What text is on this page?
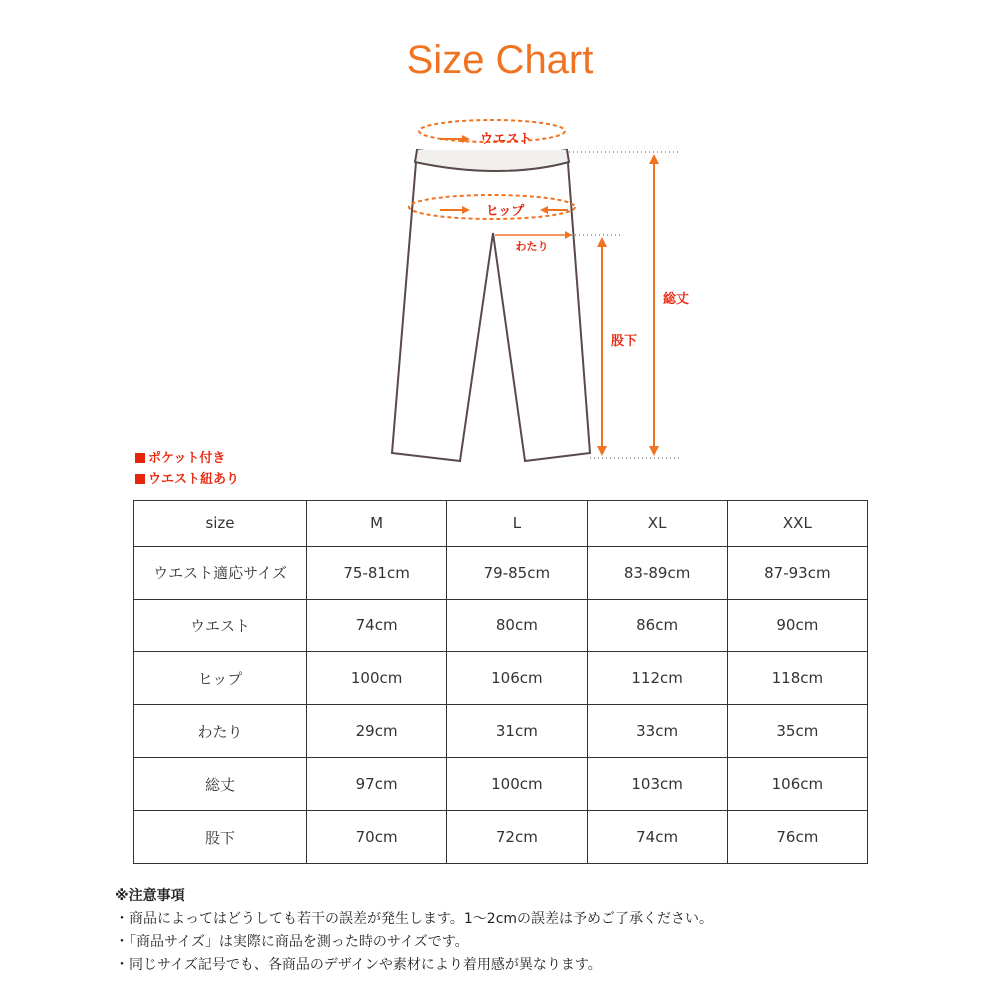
Size Chart
ウエスト
ヒップ
わたり
総丈
股下
ポケット付き
ウエスト紐あり
size	M	L	XL	XXL
ウエスト適応サイズ	75-81cm	79-85cm	83-89cm	87-93cm
ウエスト	74cm	80cm	86cm	90cm
ヒップ	100cm	106cm	112cm	118cm
わたり	29cm	31cm	33cm	35cm
総丈	97cm	100cm	103cm	106cm
股下	70cm	72cm	74cm	76cm
※注意事項
・商品によってはどうしても若干の誤差が発生します。1〜2cmの誤差は予めご了承ください。
・「商品サイズ」は実際に商品を測った時のサイズです。
・同じサイズ記号でも、各商品のデザインや素材により着用感が異なります。
